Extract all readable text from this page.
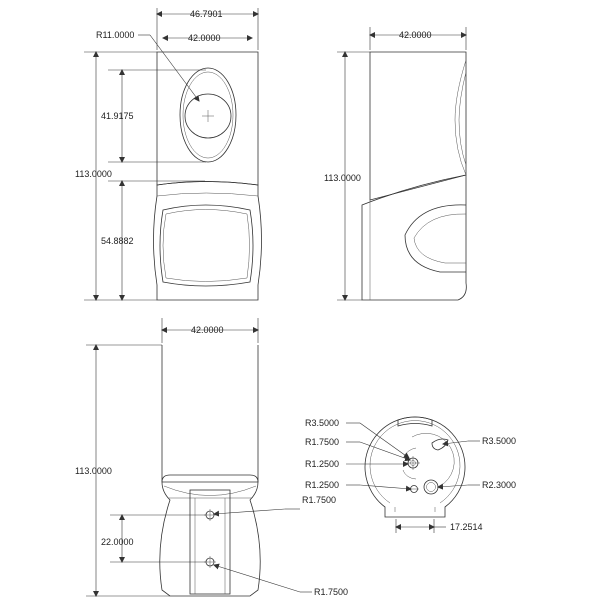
46.7901
42.0000
R11.0000
41.9175
113.0000
54.8882
42.0000
113.0000
42.0000
113.0000
22.0000
R1.7500
R1.7500
17.2514
R3.5000
R1.7500
R1.2500
R1.2500
R3.5000
R2.3000
